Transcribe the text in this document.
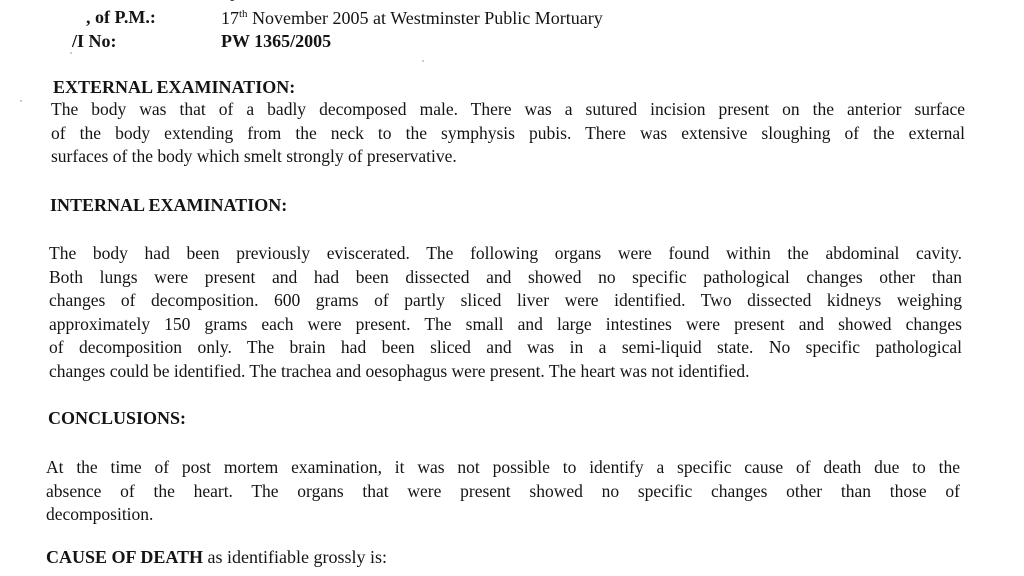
, of P.M.:	17th November 2005 at Westminster Public Mortuary
/I No:	PW 1365/2005
EXTERNAL EXAMINATION:
The body was that of a badly decomposed male. There was a sutured incision present on the anterior surface
of the body extending from the neck to the symphysis pubis. There was extensive sloughing of the external
surfaces of the body which smelt strongly of preservative.
INTERNAL EXAMINATION:
The body had been previously eviscerated. The following organs were found within the abdominal cavity.
Both lungs were present and had been dissected and showed no specific pathological changes other than
changes of decomposition. 600 grams of partly sliced liver were identified. Two dissected kidneys weighing
approximately 150 grams each were present. The small and large intestines were present and showed changes
of decomposition only. The brain had been sliced and was in a semi-liquid state. No specific pathological
changes could be identified. The trachea and oesophagus were present. The heart was not identified.
CONCLUSIONS:
At the time of post mortem examination, it was not possible to identify a specific cause of death due to the
absence of the heart. The organs that were present showed no specific changes other than those of
decomposition.
CAUSE OF DEATH as identifiable grossly is:
